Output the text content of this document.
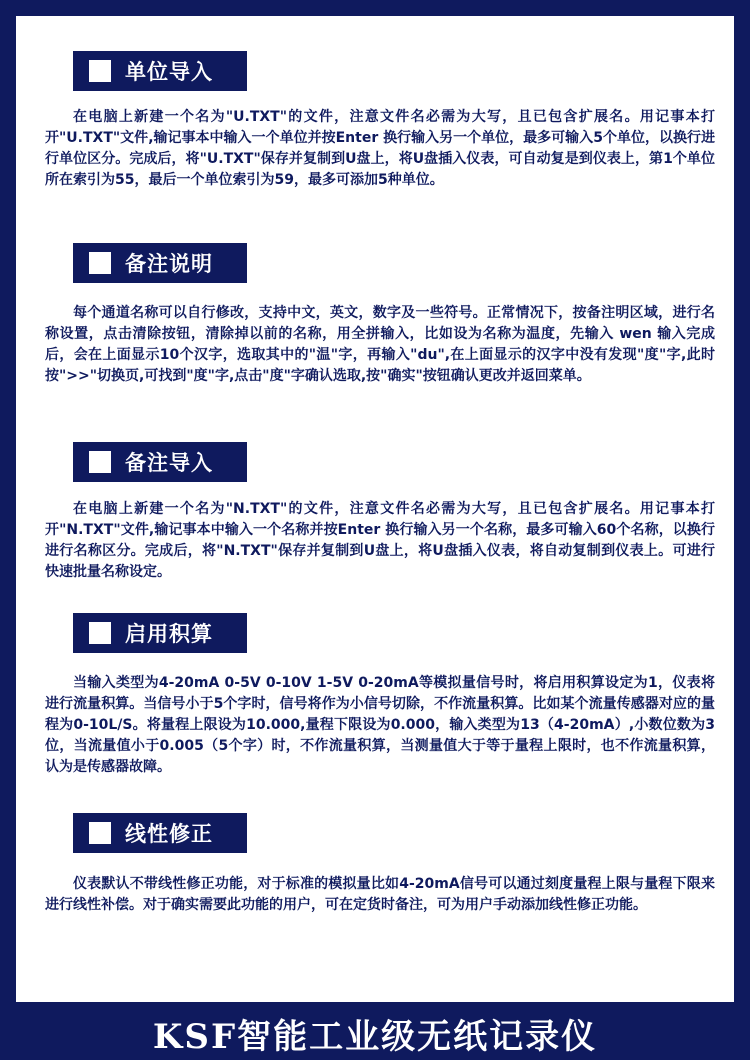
单位导入

在电脑上新建一个名为"U.TXT"的文件，注意文件名必需为大写，且已包含扩展名。用记事本打开"U.TXT"文件,输记事本中输入一个单位并按Enter 换行输入另一个单位，最多可输入5个单位，以换行进行单位区分。完成后，将"U.TXT"保存并复制到U盘上，将U盘插入仪表，可自动复是到仪表上，第1个单位所在索引为55，最后一个单位索引为59，最多可添加5种单位。

备注说明

每个通道名称可以自行修改，支持中文，英文，数字及一些符号。正常情况下，按备注明区域，进行名称设置，点击清除按钮，清除掉以前的名称，用全拼输入，比如设为名称为温度，先输入 wen 输入完成后，会在上面显示10个汉字，选取其中的"温"字，再输入"du",在上面显示的汉字中没有发现"度"字,此时按">>"切换页,可找到"度"字,点击"度"字确认选取,按"确实"按钮确认更改并返回菜单。

备注导入

在电脑上新建一个名为"N.TXT"的文件，注意文件名必需为大写，且已包含扩展名。用记事本打开"N.TXT"文件,输记事本中输入一个名称并按Enter 换行输入另一个名称，最多可输入60个名称，以换行进行名称区分。完成后，将"N.TXT"保存并复制到U盘上，将U盘插入仪表，将自动复制到仪表上。可进行快速批量名称设定。

启用积算

当输入类型为4-20mA 0-5V 0-10V 1-5V 0-20mA等模拟量信号时，将启用积算设定为1，仪表将进行流量积算。当信号小于5个字时，信号将作为小信号切除，不作流量积算。比如某个流量传感器对应的量程为0-10L/S。将量程上限设为10.000,量程下限设为0.000，输入类型为13（4-20mA）,小数位数为3位，当流量值小于0.005（5个字）时，不作流量积算，当测量值大于等于量程上限时，也不作流量积算，认为是传感器故障。

线性修正

仪表默认不带线性修正功能，对于标准的模拟量比如4-20mA信号可以通过刻度量程上限与量程下限来进行线性补偿。对于确实需要此功能的用户，可在定货时备注，可为用户手动添加线性修正功能。

KSF智能工业级无纸记录仪
